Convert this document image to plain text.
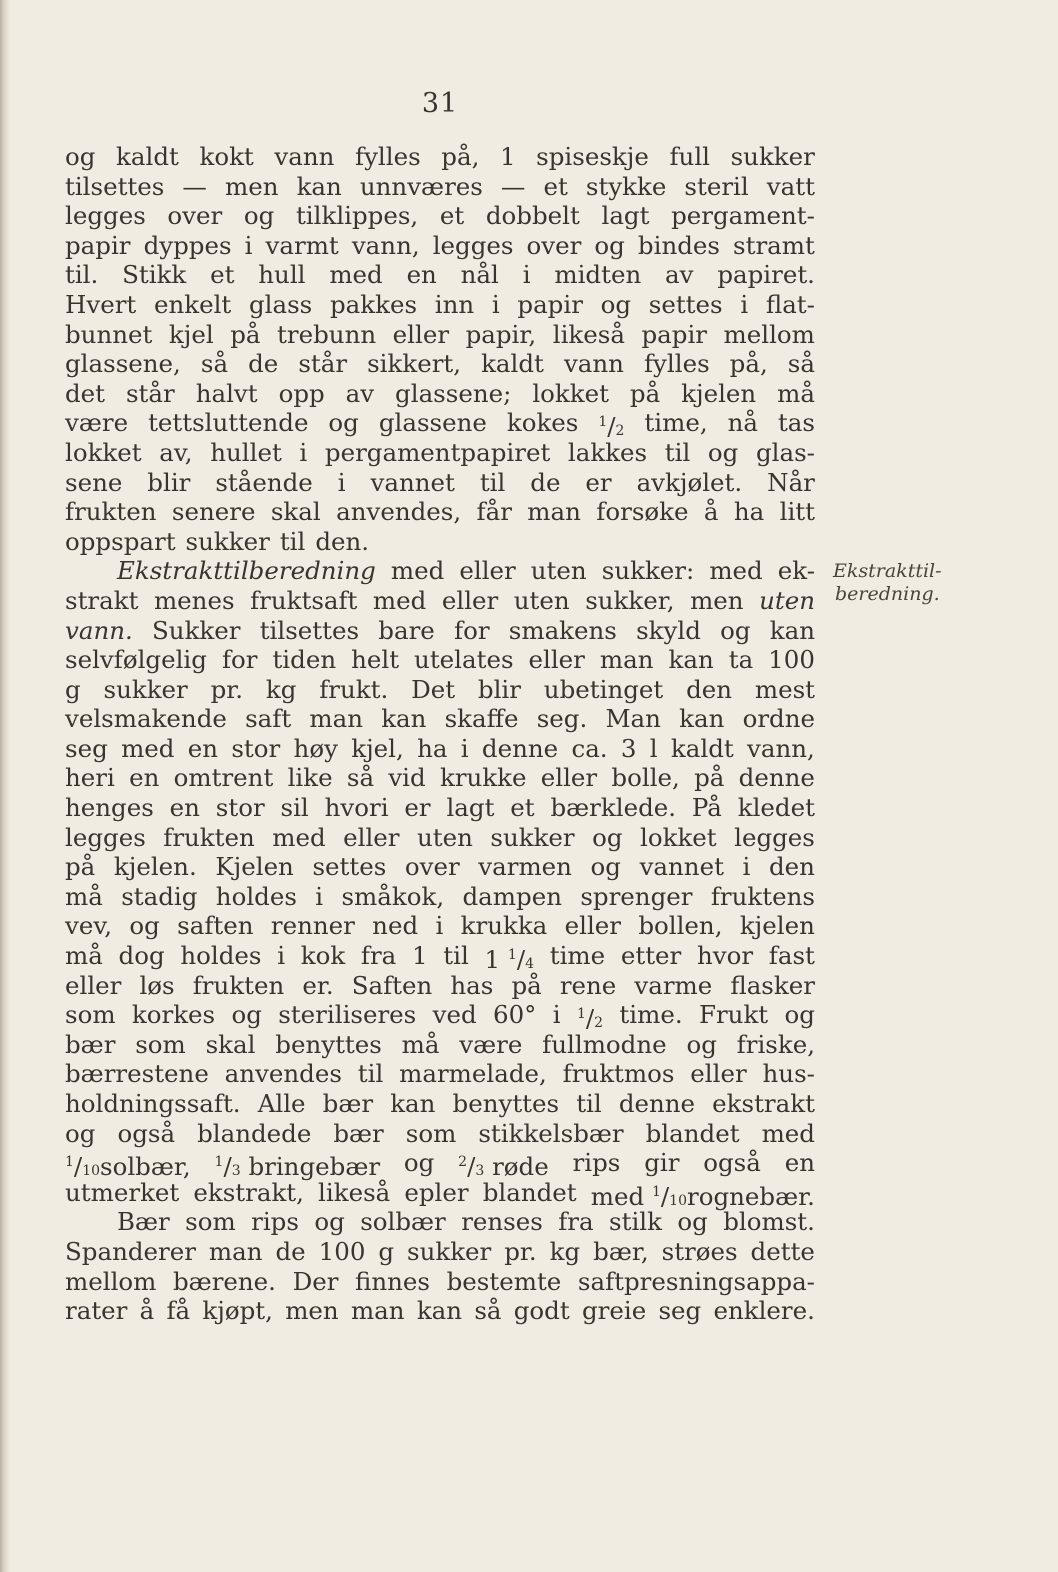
31
og kaldt kokt vann fylles på, 1 spiseskje full sukker
tilsettes — men kan unnværes — et stykke steril vatt
legges over og tilklippes, et dobbelt lagt pergament-
papir dyppes i varmt vann, legges over og bindes stramt
til. Stikk et hull med en nål i midten av papiret.
Hvert enkelt glass pakkes inn i papir og settes i flat-
bunnet kjel på trebunn eller papir, likeså papir mellom
glassene, så de står sikkert, kaldt vann fylles på, så
det står halvt opp av glassene; lokket på kjelen må
være tettsluttende og glassene kokes $^1$/2 time, nå tas
lokket av, hullet i pergamentpapiret lakkes til og glas-
sene blir stående i vannet til de er avkjølet. Når
frukten senere skal anvendes, får man forsøke å ha litt
oppspart sukker til den.
Ekstrakttilberedning med eller uten sukker: med ek-
strakt menes fruktsaft med eller uten sukker, men uten
vann. Sukker tilsettes bare for smakens skyld og kan
selvfølgelig for tiden helt utelates eller man kan ta 100
g sukker pr. kg frukt. Det blir ubetinget den mest
velsmakende saft man kan skaffe seg. Man kan ordne
seg med en stor høy kjel, ha i denne ca. 3 l kaldt vann,
heri en omtrent like så vid krukke eller bolle, på denne
henges en stor sil hvori er lagt et bærklede. På kledet
legges frukten med eller uten sukker og lokket legges
på kjelen. Kjelen settes over varmen og vannet i den
må stadig holdes i småkok, dampen sprenger fruktens
vev, og saften renner ned i krukka eller bollen, kjelen
må dog holdes i kok fra 1 til 1 $^1$/4 time etter hvor fast
eller løs frukten er. Saften has på rene varme flasker
som korkes og steriliseres ved 60° i $^1$/2 time. Frukt og
bær som skal benyttes må være fullmodne og friske,
bærrestene anvendes til marmelade, fruktmos eller hus-
holdningssaft. Alle bær kan benyttes til denne ekstrakt
og også blandede bær som stikkelsbær blandet med
$^1$/10solbær, $^1$/3 bringebær og $^2$/3 røde rips gir også en
utmerket ekstrakt, likeså epler blandet med $^1$/10rognebær.
Bær som rips og solbær renses fra stilk og blomst.
Spanderer man de 100 g sukker pr. kg bær, strøes dette
mellom bærene. Der finnes bestemte saftpresningsappa-
rater å få kjøpt, men man kan så godt greie seg enklere.
Ekstrakttil-
beredning.
